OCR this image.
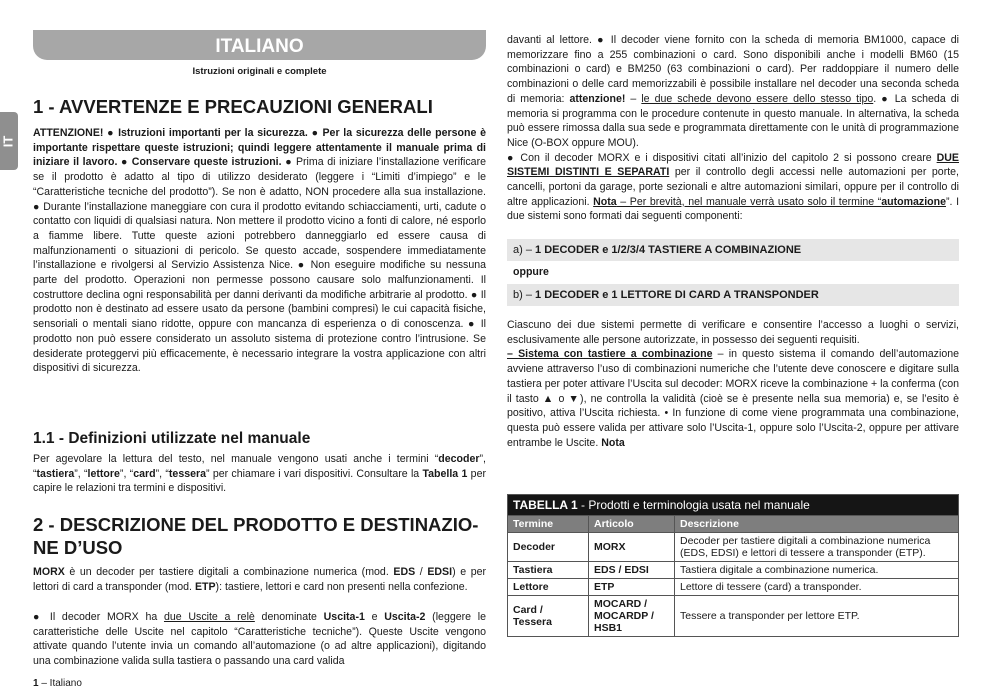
ITALIANO
Istruzioni originali e complete
IT
1 - AVVERTENZE E PRECAUZIONI GENERALI

ATTENZIONE! ● Istruzioni importanti per la sicurezza. ● Per la sicurezza delle persone è importante rispettare queste istruzioni; quindi leggere attentamente il manuale prima di iniziare il lavoro. ● Conservare queste istruzioni. ● Prima di iniziare l’installazione verificare se il prodotto è adatto al tipo di utilizzo desiderato (leggere i “Limiti d’impiego” e le “Caratteristiche tecniche del prodotto”). Se non è adatto, NON procedere alla sua installazione. ● Durante l’installazione maneggiare con cura il prodotto evitando schiacciamenti, urti, cadute o contatto con liquidi di qualsiasi natura. Non mettere il prodotto vicino a fonti di calore, né esporlo a fiamme libere. Tutte queste azioni potrebbero danneggiarlo ed essere causa di malfunzionamenti o situazioni di pericolo. Se questo accade, sospendere immediatamente l’installazione e rivolgersi al Servizio Assistenza Nice. ● Non eseguire modifiche su nessuna parte del prodotto. Operazioni non permesse possono causare solo malfunzionamenti. Il costruttore declina ogni responsabilità per danni derivanti da modifiche arbitrarie al prodotto. ● Il prodotto non è destinato ad essere usato da persone (bambini compresi) le cui capacità fisiche, sensoriali o mentali siano ridotte, oppure con mancanza di esperienza o di conoscenza. ● Il prodotto non può essere considerato un assoluto sistema di protezione contro l’intrusione. Se desiderate proteggervi più efficacemente, è necessario integrare la vostra applicazione con altri dispositivi di sicurezza.

1.1 - Definizioni utilizzate nel manuale

Per agevolare la lettura del testo, nel manuale vengono usati anche i termini “decoder”, “tastiera”, “lettore”, “card”, “tessera” per chiamare i vari dispositivi. Consultare la Tabella 1 per capire le relazioni tra termini e dispositivi.

2 - DESCRIZIONE DEL PRODOTTO E DESTINAZIO-NE D’USO

MORX è un decoder per tastiere digitali a combinazione numerica (mod. EDS / EDSI) e per lettori di card a transponder (mod. ETP): tastiere, lettori e card non presenti nella confezione.

● Il decoder MORX ha due Uscite a relè denominate Uscita-1 e Uscita-2 (leggere le caratteristiche delle Uscite nel capitolo “Caratteristiche tecniche”). Queste Uscite vengono attivate quando l’utente invia un comando all’automazione (o ad altre applicazioni), digitando una combinazione valida sulla tastiera o passando una card valida

davanti al lettore. ● Il decoder viene fornito con la scheda di memoria BM1000, capace di memorizzare fino a 255 combinazioni o card. Sono disponibili anche i modelli BM60 (15 combinazioni o card) e BM250 (63 combinazioni o card). Per raddoppiare il numero delle combinazioni o delle card memorizzabili è possibile installare nel decoder una seconda scheda di memoria: attenzione! – le due schede devono essere dello stesso tipo. ● La scheda di memoria si programma con le procedure contenute in questo manuale. In alternativa, la scheda può essere rimossa dalla sua sede e programmata direttamente con le unità di programmazione Nice (O-BOX oppure MOU).
● Con il decoder MORX e i dispositivi citati all’inizio del capitolo 2 si possono creare DUE SISTEMI DISTINTI E SEPARATI per il controllo degli accessi nelle automazioni per porte, cancelli, portoni da garage, porte sezionali e altre automazioni similari, oppure per il controllo di altre applicazioni. Nota – Per brevità, nel manuale verrà usato solo il termine “automazione”. I due sistemi sono formati dai seguenti componenti:

a) – 1 DECODER e 1/2/3/4 TASTIERE A COMBINAZIONE
oppure
b) – 1 DECODER e 1 LETTORE DI CARD A TRANSPONDER

Ciascuno dei due sistemi permette di verificare e consentire l’accesso a luoghi o servizi, esclusivamente alle persone autorizzate, in possesso dei seguenti requisiti.
– Sistema con tastiere a combinazione – in questo sistema il comando dell’automazione avviene attraverso l’uso di combinazioni numeriche che l’utente deve conoscere e digitare sulla tastiera per poter attivare l’Uscita sul decoder: MORX riceve la combinazione + la conferma (con il tasto ▲ o ▼), ne controlla la validità (cioè se è presente nella sua memoria) e, se l’esito è positivo, attiva l’Uscita richiesta. • In funzione di come viene programmata una combinazione, questa può essere valida per attivare solo l’Uscita-1, oppure solo l’Uscita-2, oppure per attivare entrambe le Uscite. Nota

TABELLA 1 - Prodotti e terminologia usata nel manuale		
Termine	Articolo	Descrizione
Decoder	MORX	Decoder per tastiere digitali a combinazione numerica (EDS, EDSI) e lettori di tessere a transponder (ETP).
Tastiera	EDS / EDSI	Tastiera digitale a combinazione numerica.
Lettore	ETP	Lettore di tessere (card) a transponder.
Card / Tessera	MOCARD / MOCARDP / HSB1	Tessere a transponder per lettore ETP.
1 – Italiano
